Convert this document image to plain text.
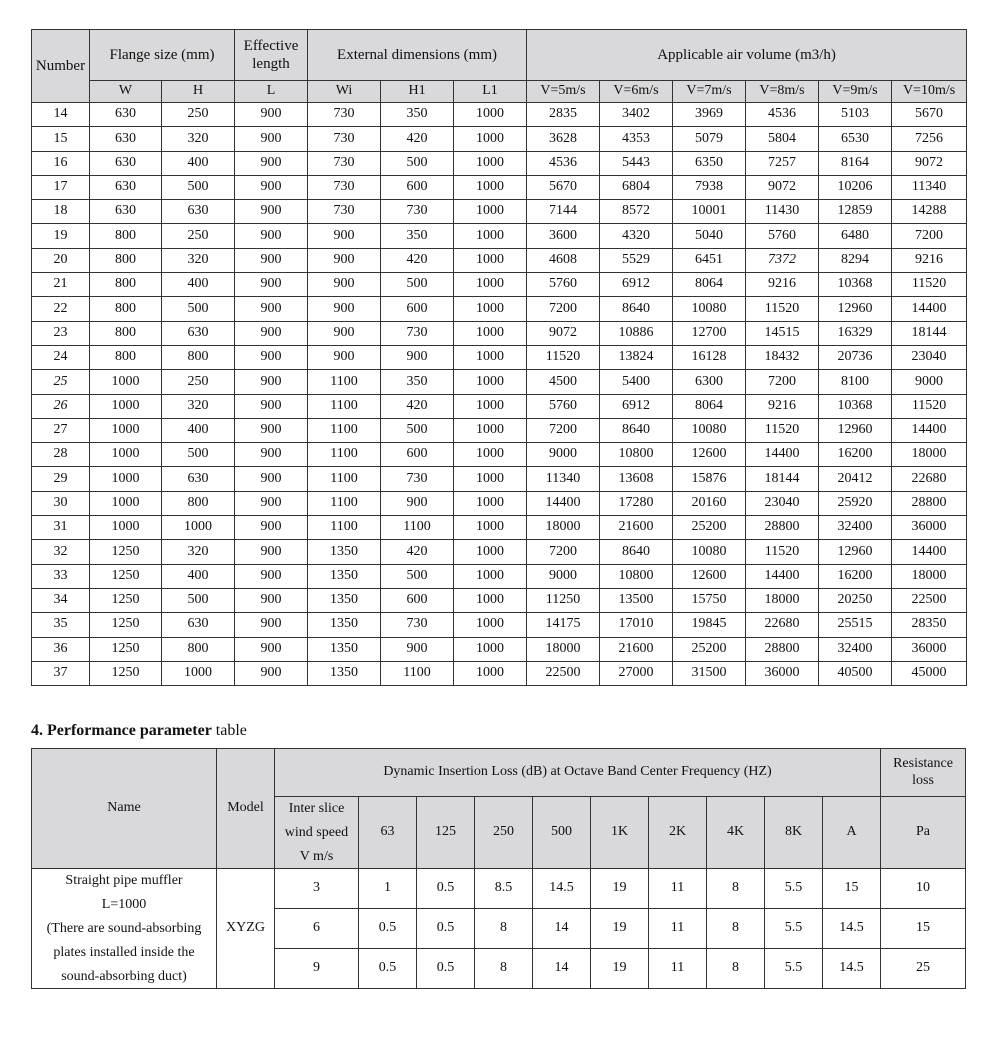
Number	Flange size (mm)		Effective length	External dimensions (mm)			Applicable air volume (m3/h)					
	W	H	L	Wi	H1	L1	V=5m/s	V=6m/s	V=7m/s	V=8m/s	V=9m/s	V=10m/s
14	630	250	900	730	350	1000	2835	3402	3969	4536	5103	5670
15	630	320	900	730	420	1000	3628	4353	5079	5804	6530	7256
16	630	400	900	730	500	1000	4536	5443	6350	7257	8164	9072
17	630	500	900	730	600	1000	5670	6804	7938	9072	10206	11340
18	630	630	900	730	730	1000	7144	8572	10001	11430	12859	14288
19	800	250	900	900	350	1000	3600	4320	5040	5760	6480	7200
20	800	320	900	900	420	1000	4608	5529	6451	7372	8294	9216
21	800	400	900	900	500	1000	5760	6912	8064	9216	10368	11520
22	800	500	900	900	600	1000	7200	8640	10080	11520	12960	14400
23	800	630	900	900	730	1000	9072	10886	12700	14515	16329	18144
24	800	800	900	900	900	1000	11520	13824	16128	18432	20736	23040
25	1000	250	900	1100	350	1000	4500	5400	6300	7200	8100	9000
26	1000	320	900	1100	420	1000	5760	6912	8064	9216	10368	11520
27	1000	400	900	1100	500	1000	7200	8640	10080	11520	12960	14400
28	1000	500	900	1100	600	1000	9000	10800	12600	14400	16200	18000
29	1000	630	900	1100	730	1000	11340	13608	15876	18144	20412	22680
30	1000	800	900	1100	900	1000	14400	17280	20160	23040	25920	28800
31	1000	1000	900	1100	1100	1000	18000	21600	25200	28800	32400	36000
32	1250	320	900	1350	420	1000	7200	8640	10080	11520	12960	14400
33	1250	400	900	1350	500	1000	9000	10800	12600	14400	16200	18000
34	1250	500	900	1350	600	1000	11250	13500	15750	18000	20250	22500
35	1250	630	900	1350	730	1000	14175	17010	19845	22680	25515	28350
36	1250	800	900	1350	900	1000	18000	21600	25200	28800	32400	36000
37	1250	1000	900	1350	1100	1000	22500	27000	31500	36000	40500	45000
4. Performance parameter table
Name	Model	Dynamic Insertion Loss (dB) at Octave Band Center Frequency (HZ)										Resistance loss

		Inter slice
wind speed
V m/s	63	125	250	500	1K	2K	4K	8K	A	Pa

Straight pipe muffler
L=1000
(There are sound-absorbing
plates installed inside the
sound-absorbing duct)	XYZG	3	1	0.5	8.5	14.5	19	11	8	5.5	15	10
		6	0.5	0.5	8	14	19	11	8	5.5	14.5	15
		9	0.5	0.5	8	14	19	11	8	5.5	14.5	25
